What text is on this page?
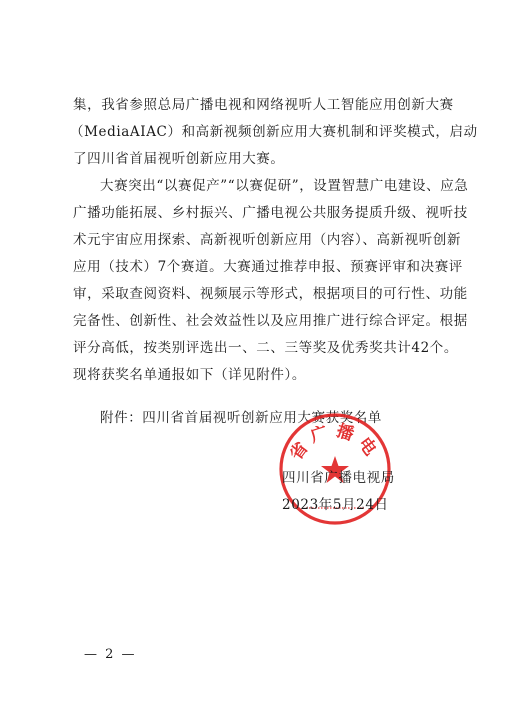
集，我省参照总局广播电视和网络视听人工智能应用创新大赛
（MediaAIAC）和高新视频创新应用大赛机制和评奖模式，启动
了四川省首届视听创新应用大赛。
大赛突出“以赛促产”“以赛促研”，设置智慧广电建设、应急
广播功能拓展、乡村振兴、广播电视公共服务提质升级、视听技
术元宇宙应用探索、高新视听创新应用（内容）、高新视听创新
应用（技术）7个赛道。大赛通过推荐申报、预赛评审和决赛评
审，采取查阅资料、视频展示等形式，根据项目的可行性、功能
完备性、创新性、社会效益性以及应用推广进行综合评定。根据
评分高低，按类别评选出一、二、三等奖及优秀奖共计42个。
现将获奖名单通报如下（详见附件）。
附件：四川省首届视听创新应用大赛获奖名单
省广播电
四川省广播电视局
2023年5月24日
— 2 —
